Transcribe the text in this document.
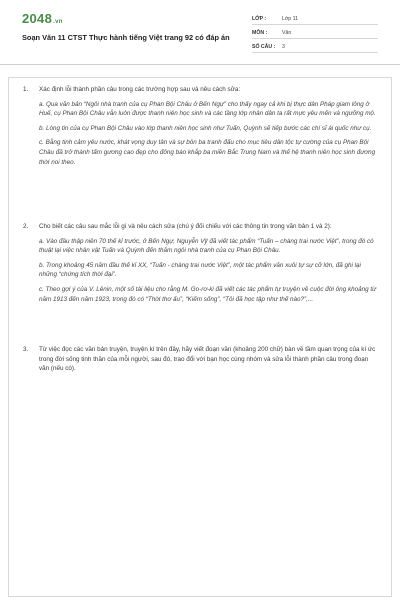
2048.vn
Soạn Văn 11 CTST Thực hành tiếng Việt trang 92 có đáp án
LỚP :	Lớp 11
MÔN :	Văn
SỐ CÂU :	3
1.	Xác định lỗi thành phần câu trong các trường hợp sau và nêu cách sửa:

a. Qua văn bản “Ngôi nhà tranh của cụ Phan Bội Châu ở Bến Ngự” cho thấy ngay cả khi bị thực dân Pháp giam lỏng ở Huế, cụ Phan Bội Châu vẫn luôn được thanh niên học sinh và các tầng lớp nhân dân ta rất mực yêu mến và ngưỡng mộ.

b. Lòng tin của cụ Phan Bội Châu vào lớp thanh niên học sinh như Tuấn, Quỳnh sẽ tiếp bước các chí sĩ ái quốc như cụ.

c. Bằng tinh cảm yêu nước, khát vọng duy tân và sự bôn ba tranh đấu cho mục tiêu dân tộc tự cường của cụ Phan Bội Châu đã trở thành tấm gương cao đẹp cho đông bào khắp ba miền Bắc Trung Nam và thế hệ thanh niên học sinh đương thời noi theo.

2.	Cho biết các câu sau mắc lỗi gì và nêu cách sửa (chú ý đối chiếu với các thông tin trong văn bản 1 và 2):

a. Vào đầu thập niên 70 thế kỉ trước, ở Bến Ngự, Nguyễn Vỹ đã viết tác phẩm “Tuấn – chàng trai nước Việt”, trong đó có thuật lại việc nhân vật Tuấn và Quỳnh đến thăm ngôi nhà tranh của cụ Phan Bội Châu.

b. Trong khoảng 45 năm đầu thế kỉ XX, “Tuấn - chàng trai nước Việt”, một tác phẩm văn xuôi tự sự cỡ lớn, đã ghi lại những “chứng tích thời đại”.

c. Theo gợi ý của V. Lênin, một số tài liệu cho rằng M. Go-rơ-ki đã viết các tác phẩm tự truyện về cuộc đời ông khoảng từ năm 1913 đến năm 1923, trong đó có “Thời thơ ấu”, “Kiếm sống”, “Tôi đã học tập như thế nào?”,...

3.	Từ việc đọc các văn bản truyện, truyện kí trên đây, hãy viết đoạn văn (khoảng 200 chữ) bàn về tầm quan trọng của kí ức trong đời sống tinh thần của mỗi người, sau đó, trao đổi với bạn học cùng nhóm và sửa lỗi thành phần câu trong đoạn văn (nếu có).
